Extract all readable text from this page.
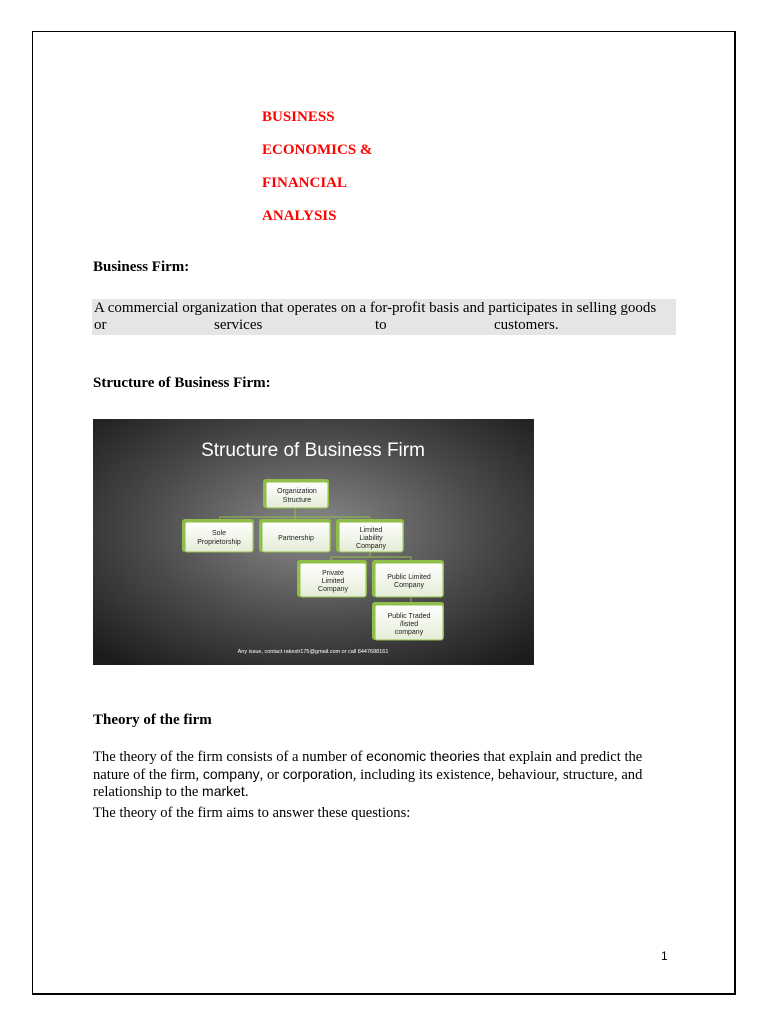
BUSINESS
ECONOMICS &
FINANCIAL
ANALYSIS
Business Firm:
A commercial organization that operates on a for-profit basis and participates in selling goods
or	services	to	customers.
Structure of Business Firm:
Structure of Business Firm
Organization
Structure
Sole
Proprietorship
Partnership
Limited
Liability
Company
Private
Limited
Company
Public Limited
Company
Public Traded
/listed
company
Any issue, contact rakesh175@gmail.com or call 8447688161
Theory of the firm
The theory of the firm consists of a number of economic theories that explain and predict the
nature of the firm, company, or corporation, including its existence, behaviour, structure, and
relationship to the market.
The theory of the firm aims to answer these questions:
1
